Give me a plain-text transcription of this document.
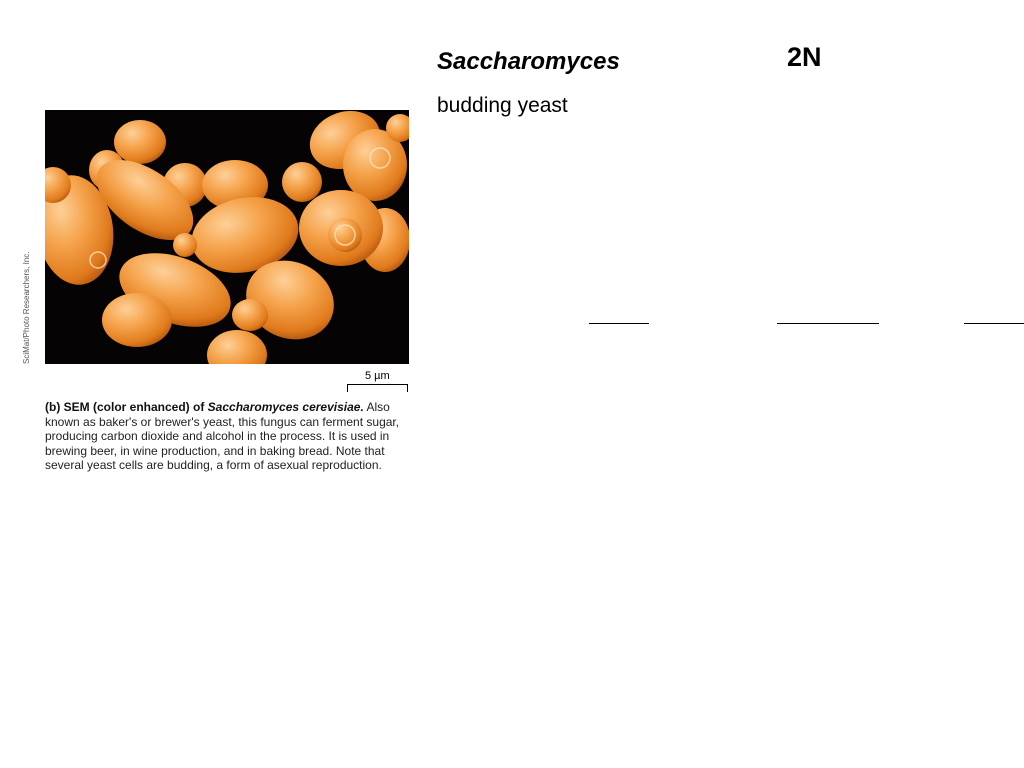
Saccharomyces
budding yeast
2N
SciMat/Photo Researchers, Inc.
5 µm
(b) SEM (color enhanced) of Saccharomyces cerevisiae. Also known as baker's or brewer's yeast, this fungus can ferment sugar, producing carbon dioxide and alcohol in the process. It is used in brewing beer, in wine production, and in baking bread. Note that several yeast cells are budding, a form of asexual reproduction.
